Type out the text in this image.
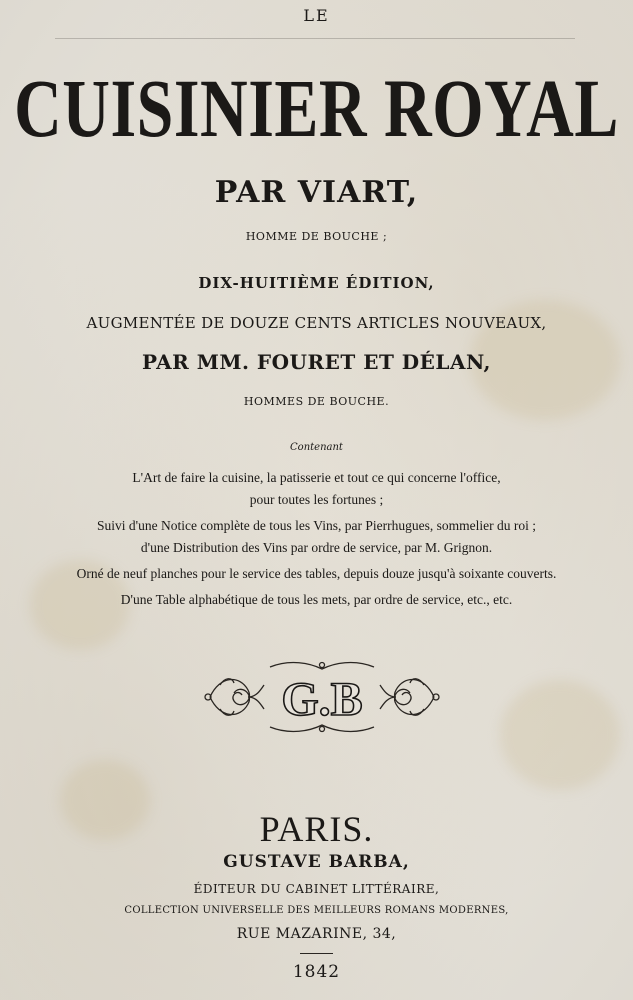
LE
CUISINIER ROYAL
PAR VIART,
HOMME DE BOUCHE ;
DIX-HUITIÈME ÉDITION,
AUGMENTÉE DE DOUZE CENTS ARTICLES NOUVEAUX,
PAR MM. FOURET ET DÉLAN,
HOMMES DE BOUCHE.
Contenant
L'Art de faire la cuisine, la patisserie et tout ce qui concerne l'office,
pour toutes les fortunes ;
Suivi d'une Notice complète de tous les Vins, par Pierrhugues, sommelier du roi ;
d'une Distribution des Vins par ordre de service, par M. Grignon.
Orné de neuf planches pour le service des tables, depuis douze jusqu'à soixante couverts.
D'une Table alphabétique de tous les mets, par ordre de service, etc., etc.
G.B
PARIS.
GUSTAVE BARBA,
ÉDITEUR DU CABINET LITTÉRAIRE,
COLLECTION UNIVERSELLE DES MEILLEURS ROMANS MODERNES,
RUE MAZARINE, 34,
1842
